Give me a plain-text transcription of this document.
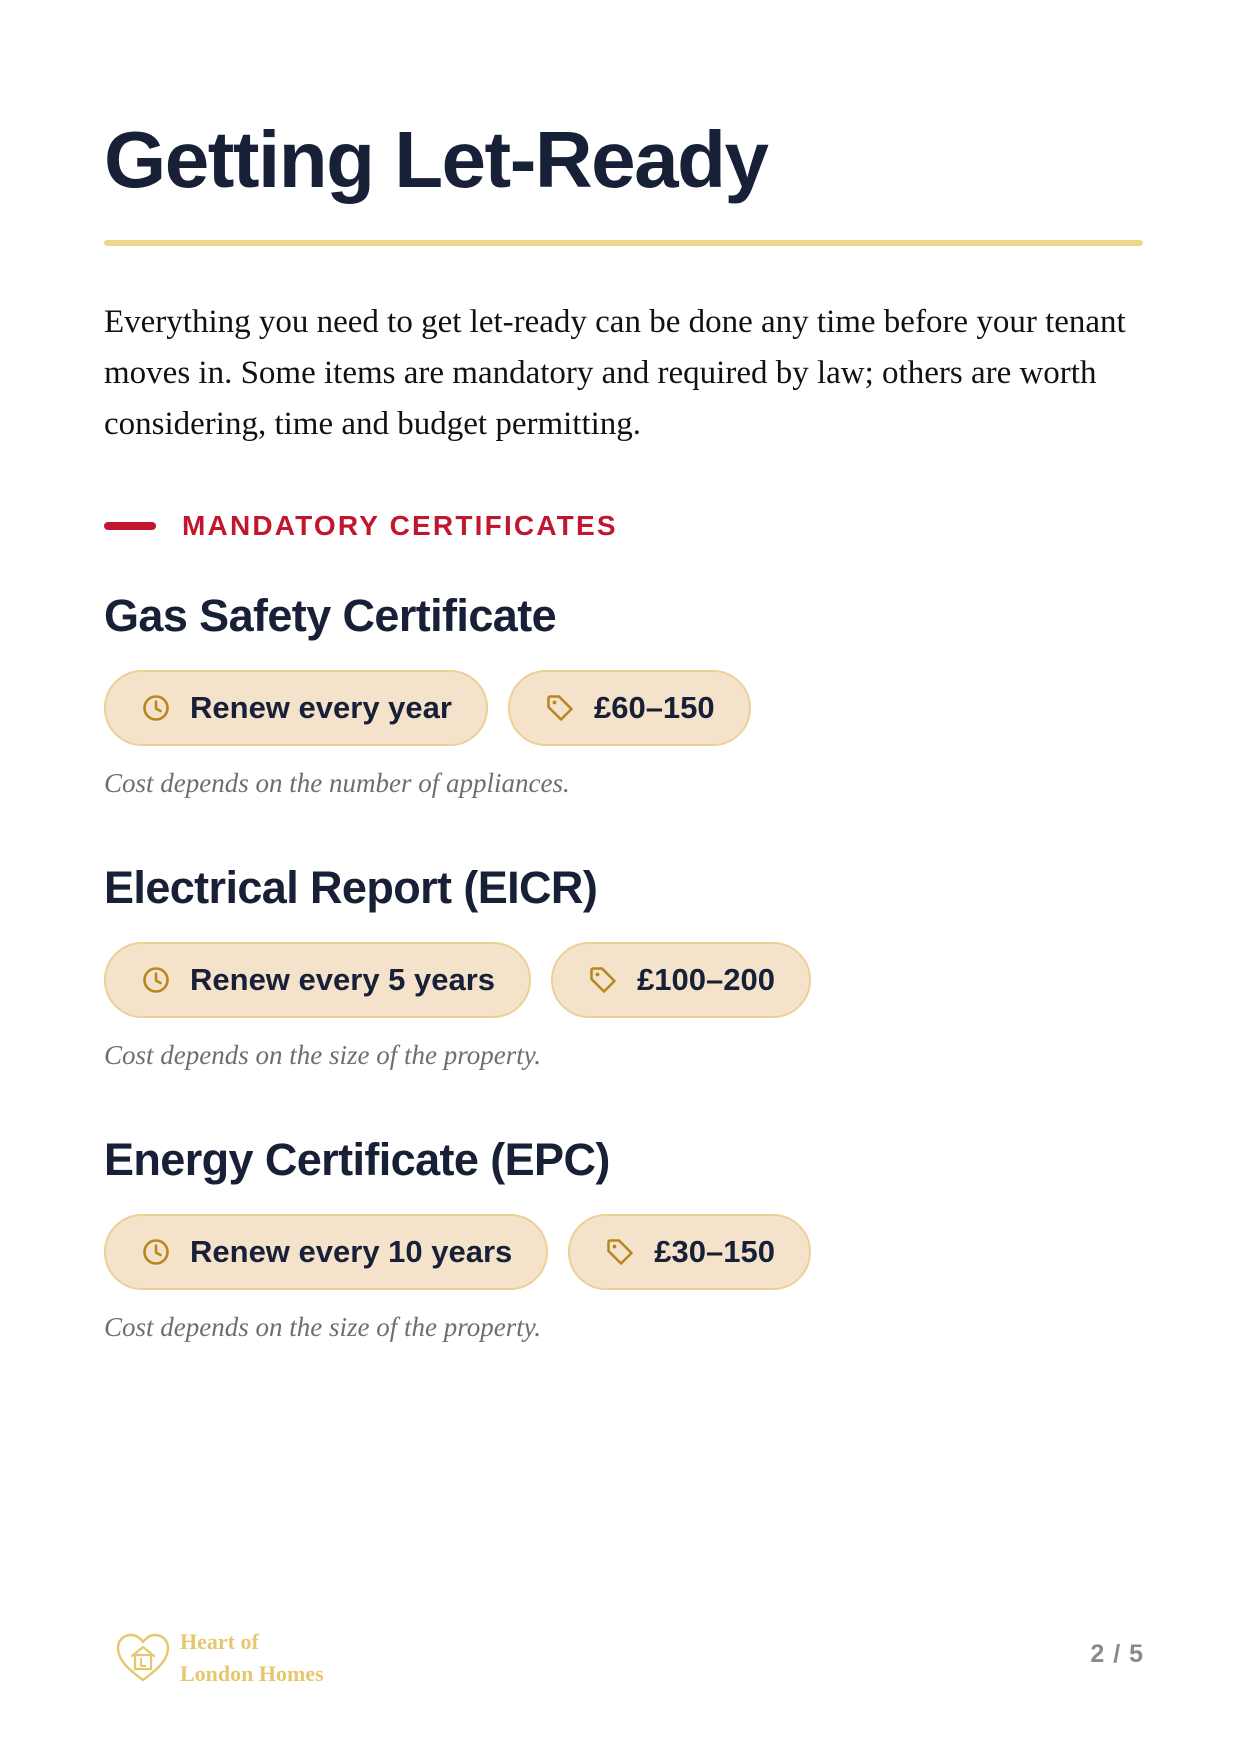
Getting Let-Ready

Everything you need to get let-ready can be done any time before your tenant moves in. Some items are mandatory and required by law; others are worth considering, time and budget permitting.

MANDATORY CERTIFICATES
Gas Safety Certificate
Renew every year	£60–150

Cost depends on the number of appliances.

Electrical Report (EICR)
Renew every 5 years	£100–200

Cost depends on the size of the property.

Energy Certificate (EPC)
Renew every 10 years	£30–150

Cost depends on the size of the property.

Heart of
London Homes
2 / 5
